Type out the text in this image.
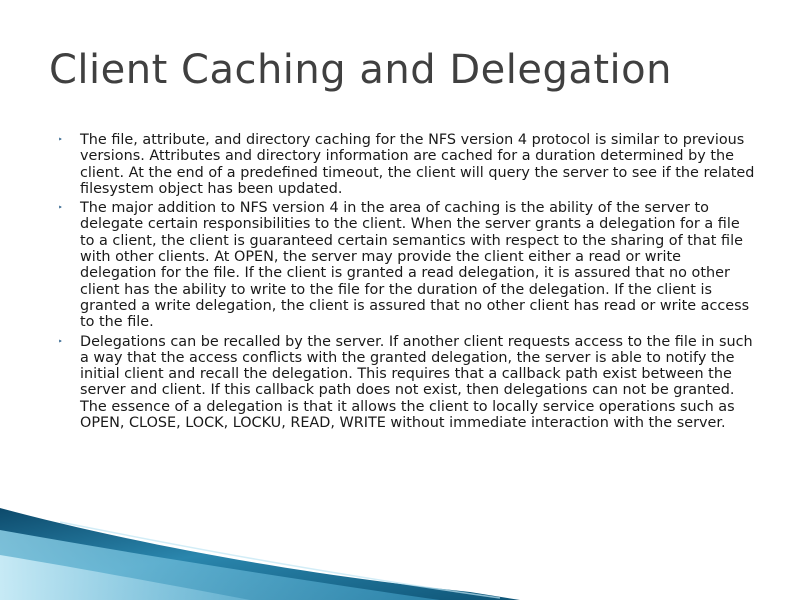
Client Caching and Delegation
‣ The file, attribute, and directory caching for the NFS version 4 protocol is similar to previous versions. Attributes and directory information are cached for a duration determined by the client. At the end of a predefined timeout, the client will query the server to see if the related filesystem object has been updated.
‣ The major addition to NFS version 4 in the area of caching is the ability of the server to delegate certain responsibilities to the client. When the server grants a delegation for a file to a client, the client is guaranteed certain semantics with respect to the sharing of that file with other clients. At OPEN, the server may provide the client either a read or write delegation for the file. If the client is granted a read delegation, it is assured that no other client has the ability to write to the file for the duration of the delegation. If the client is granted a write delegation, the client is assured that no other client has read or write access to the file.
‣ Delegations can be recalled by the server. If another client requests access to the file in such a way that the access conflicts with the granted delegation, the server is able to notify the initial client and recall the delegation. This requires that a callback path exist between the server and client. If this callback path does not exist, then delegations can not be granted. The essence of a delegation is that it allows the client to locally service operations such as OPEN, CLOSE, LOCK, LOCKU, READ, WRITE without immediate interaction with the server.
